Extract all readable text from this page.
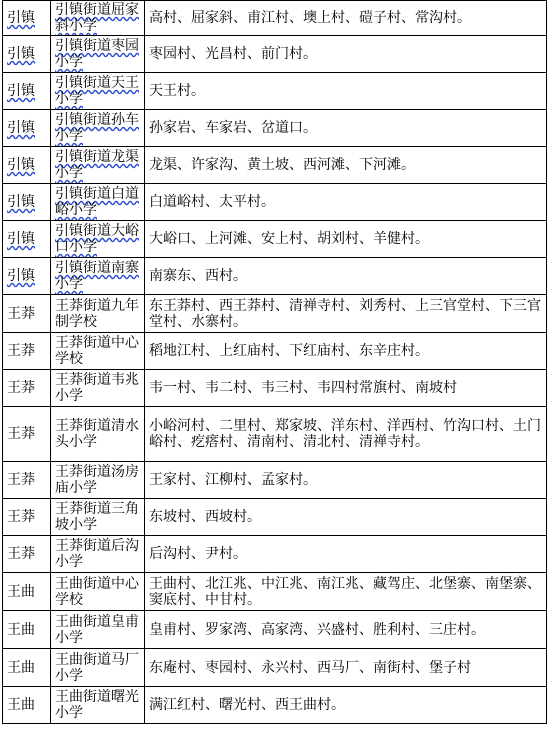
引镇	引镇街道屈家斜小学	高村、屈家斜、甫江村、墺上村、磑子村、常沟村。
引镇	引镇街道枣园小学	枣园村、光昌村、前门村。
引镇	引镇街道天王小学	天王村。
引镇	引镇街道孙车小学	孙家岩、车家岩、岔道口。
引镇	引镇街道龙渠小学	龙渠、许家沟、黄土坡、西河滩、下河滩。
引镇	引镇街道白道峪小学	白道峪村、太平村。
引镇	引镇街道大峪口小学	大峪口、上河滩、安上村、胡刘村、羊健村。
引镇	引镇街道南寨小学	南寨东、西村。
王莽	王莽街道九年制学校	东王莽村、西王莽村、清禅寺村、刘秀村、上三官堂村、下三官堂村、水寨村。
王莽	王莽街道中心学校	稻地江村、上红庙村、下红庙村、东辛庄村。
王莽	王莽街道韦兆小学	韦一村、韦二村、韦三村、韦四村常旗村、南坡村
王莽	王莽街道清水头小学	小峪河村、二里村、郑家坡、洋东村、洋西村、竹沟口村、土门峪村、疙瘩村、清南村、清北村、清禅寺村。
王莽	王莽街道汤房庙小学	王家村、江柳村、孟家村。
王莽	王莽街道三角坡小学	东坡村、西坡村。
王莽	王莽街道后沟小学	后沟村、尹村。
王曲	王曲街道中心学校	王曲村、北江兆、中江兆、南江兆、藏驾庄、北堡寨、南堡寨、窦底村、中甘村。
王曲	王曲街道皇甫小学	皇甫村、罗家湾、高家湾、兴盛村、胜利村、三庄村。
王曲	王曲街道马厂小学	东庵村、枣园村、永兴村、西马厂、南街村、堡子村
王曲	王曲街道曙光小学	满江红村、曙光村、西王曲村。
